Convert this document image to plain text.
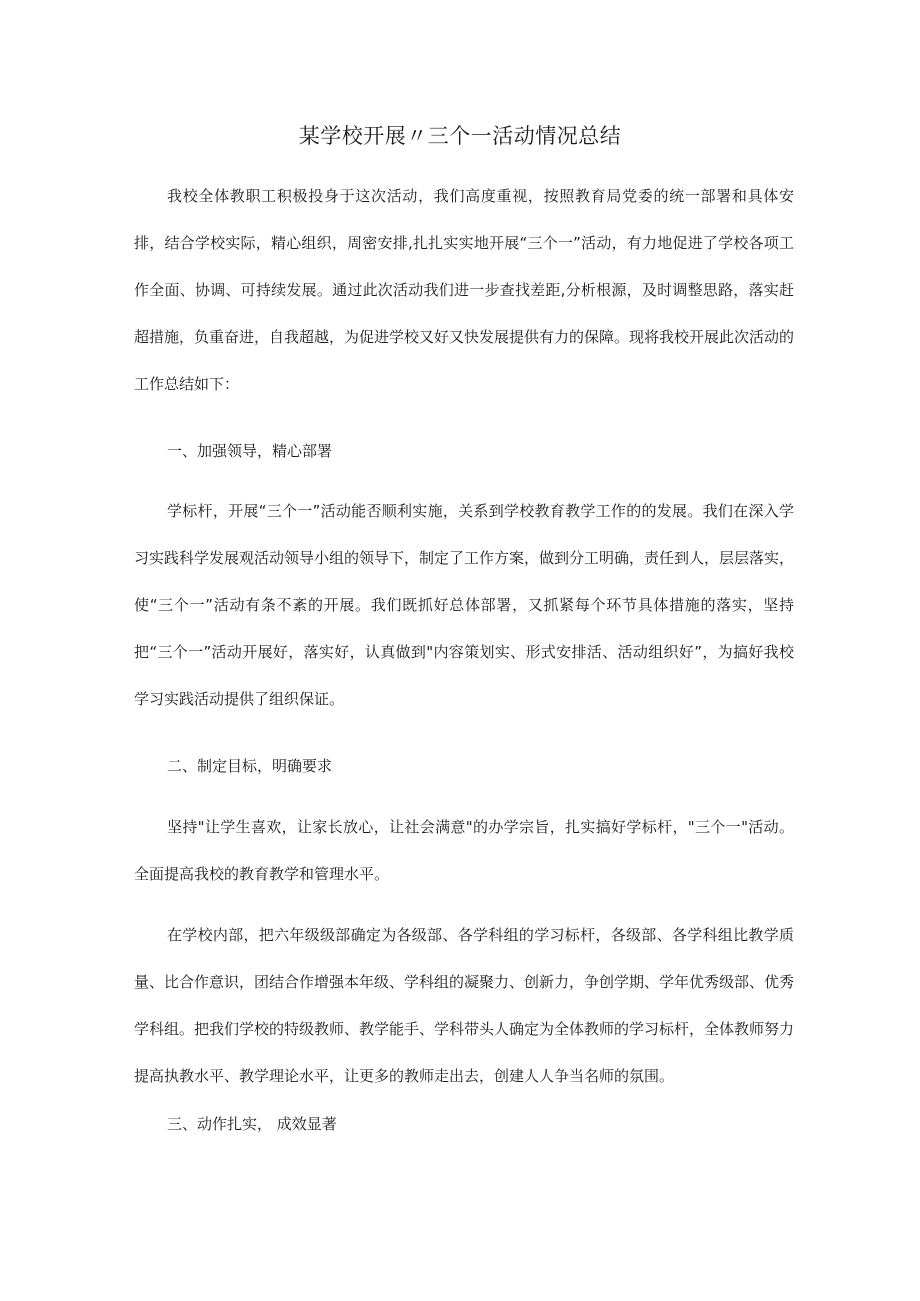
某学校开展〃三个一活动情况总结

我校全体教职工积极投身于这次活动，我们高度重视，按照教育局党委的统一部署和具体安排，结合学校实际，精心组织，周密安排,扎扎实实地开展“三个一”活动，有力地促进了学校各项工作全面、协调、可持续发展。通过此次活动我们进一步查找差距,分析根源，及时调整思路，落实赶超措施，负重奋进，自我超越，为促进学校又好又快发展提供有力的保障。现将我校开展此次活动的工作总结如下：

一、加强领导，精心部署

学标杆，开展“三个一”活动能否顺利实施，关系到学校教育教学工作的的发展。我们在深入学习实践科学发展观活动领导小组的领导下，制定了工作方案，做到分工明确，责任到人，层层落实，使“三个一”活动有条不紊的开展。我们既抓好总体部署，又抓紧每个环节具体措施的落实，坚持把“三个一”活动开展好，落实好，认真做到"内容策划实、形式安排活、活动组织好”，为搞好我校学习实践活动提供了组织保证。

二、制定目标，明确要求

坚持"让学生喜欢，让家长放心，让社会满意"的办学宗旨，扎实搞好学标杆，"三个一"活动。全面提高我校的教育教学和管理水平。

在学校内部，把六年级级部确定为各级部、各学科组的学习标杆，各级部、各学科组比教学质量、比合作意识，团结合作增强本年级、学科组的凝聚力、创新力，争创学期、学年优秀级部、优秀学科组。把我们学校的特级教师、教学能手、学科带头人确定为全体教师的学习标杆，全体教师努力提高执教水平、教学理论水平，让更多的教师走出去，创建人人争当名师的氛围。

三、动作扎实， 成效显著
